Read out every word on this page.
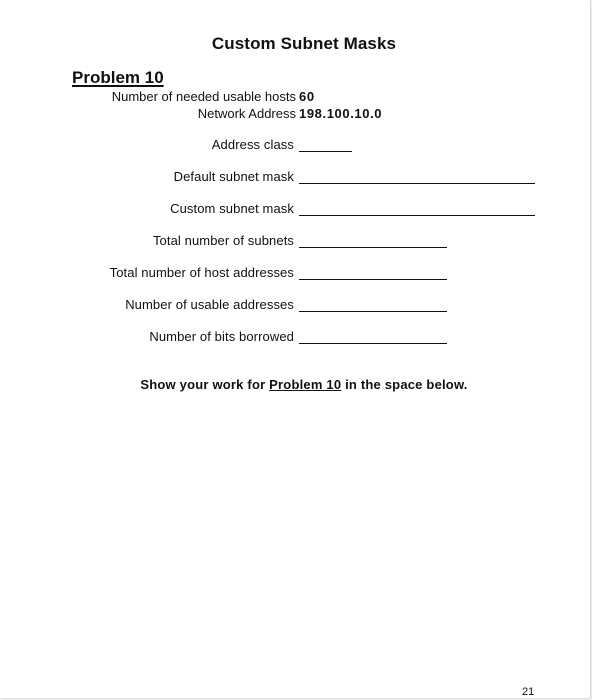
Custom Subnet Masks
Problem 10
Number of needed usable hosts 60
Network Address 198.100.10.0
Address class
Default subnet mask
Custom subnet mask
Total number of subnets
Total number of host addresses
Number of usable addresses
Number of bits borrowed
Show your work for Problem 10 in the space below.
21
